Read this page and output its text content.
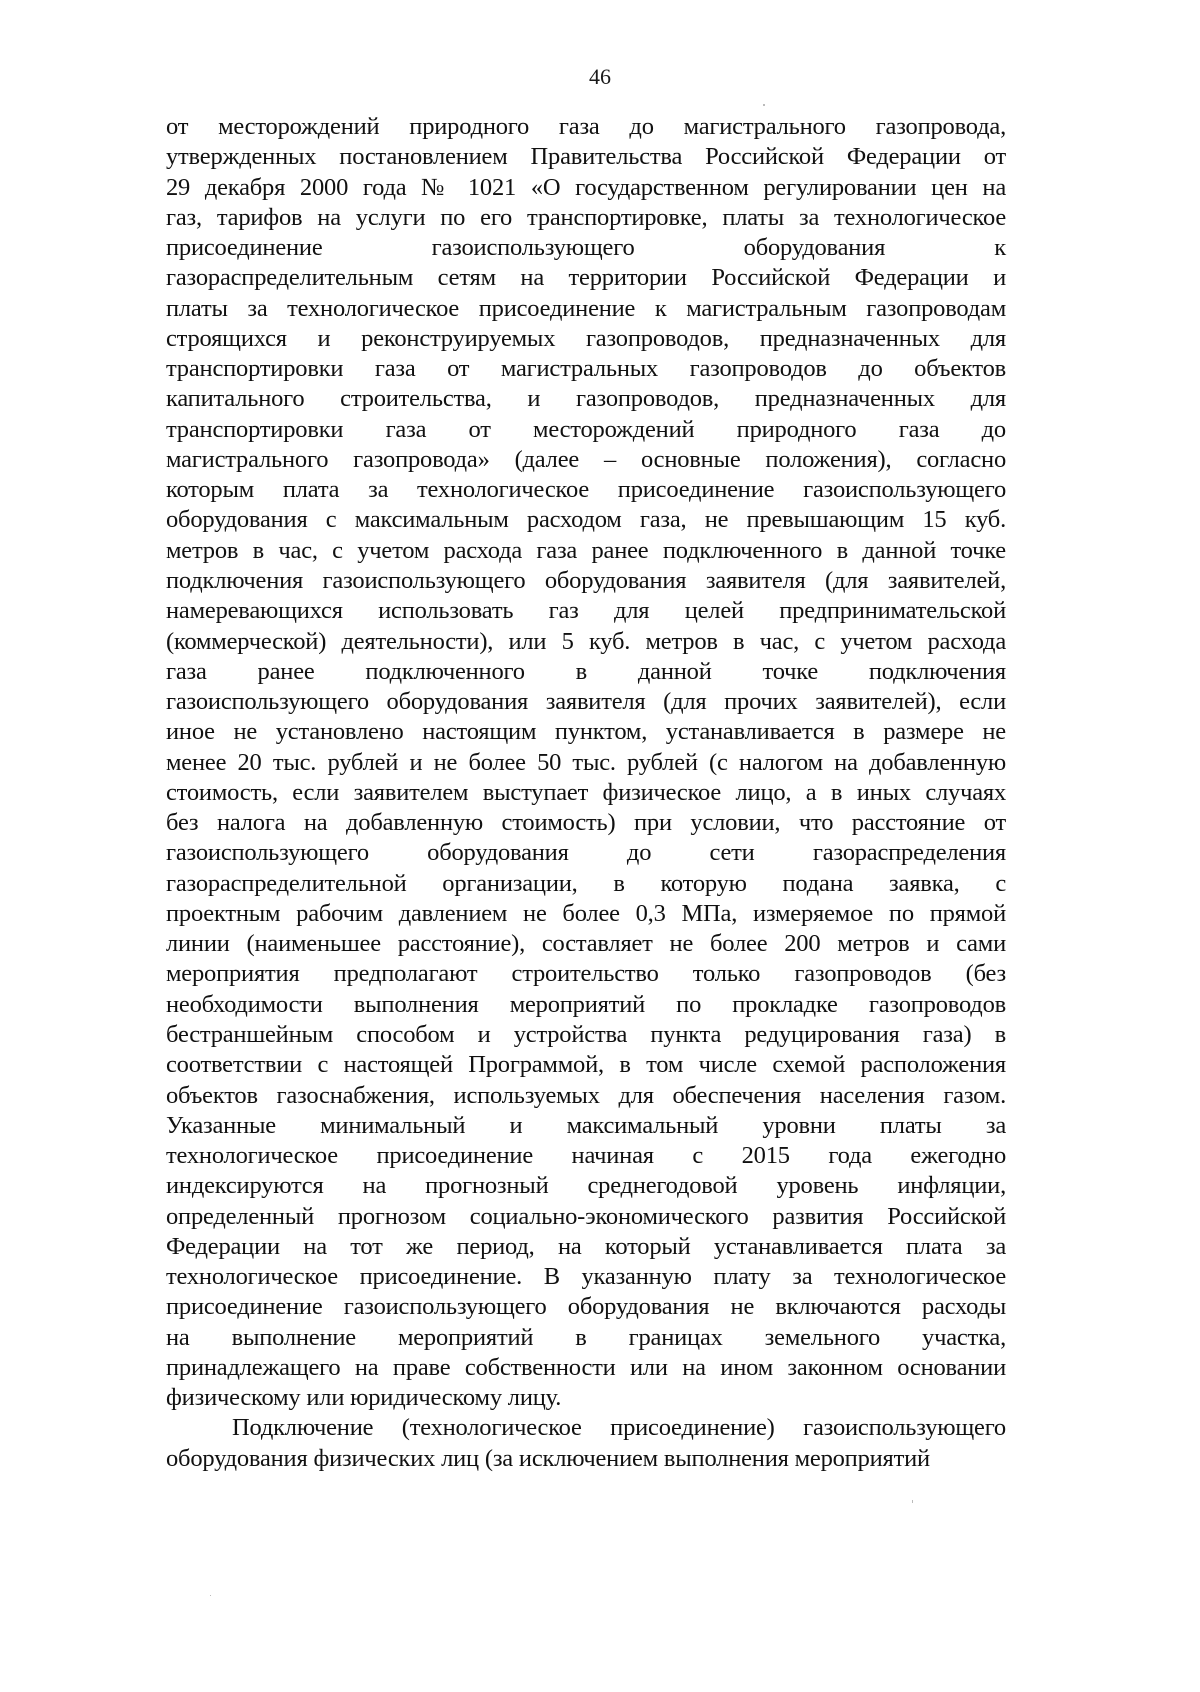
46
от месторождений природного газа до магистрального газопровода,
утвержденных постановлением Правительства Российской Федерации от
29 декабря 2000 года № 1021 «О государственном регулировании цен на
газ, тарифов на услуги по его транспортировке, платы за технологическое
присоединение газоиспользующего оборудования к
газораспределительным сетям на территории Российской Федерации и
платы за технологическое присоединение к магистральным газопроводам
строящихся и реконструируемых газопроводов, предназначенных для
транспортировки газа от магистральных газопроводов до объектов
капитального строительства, и газопроводов, предназначенных для
транспортировки газа от месторождений природного газа до
магистрального газопровода» (далее – основные положения), согласно
которым плата за технологическое присоединение газоиспользующего
оборудования с максимальным расходом газа, не превышающим 15 куб.
метров в час, с учетом расхода газа ранее подключенного в данной точке
подключения газоиспользующего оборудования заявителя (для заявителей,
намеревающихся использовать газ для целей предпринимательской
(коммерческой) деятельности), или 5 куб. метров в час, с учетом расхода
газа ранее подключенного в данной точке подключения
газоиспользующего оборудования заявителя (для прочих заявителей), если
иное не установлено настоящим пунктом, устанавливается в размере не
менее 20 тыс. рублей и не более 50 тыс. рублей (с налогом на добавленную
стоимость, если заявителем выступает физическое лицо, а в иных случаях
без налога на добавленную стоимость) при условии, что расстояние от
газоиспользующего оборудования до сети газораспределения
газораспределительной организации, в которую подана заявка, с
проектным рабочим давлением не более 0,3 МПа, измеряемое по прямой
линии (наименьшее расстояние), составляет не более 200 метров и сами
мероприятия предполагают строительство только газопроводов (без
необходимости выполнения мероприятий по прокладке газопроводов
бестраншейным способом и устройства пункта редуцирования газа) в
соответствии с настоящей Программой, в том числе схемой расположения
объектов газоснабжения, используемых для обеспечения населения газом.
Указанные минимальный и максимальный уровни платы за
технологическое присоединение начиная с 2015 года ежегодно
индексируются на прогнозный среднегодовой уровень инфляции,
определенный прогнозом социально-экономического развития Российской
Федерации на тот же период, на который устанавливается плата за
технологическое присоединение. В указанную плату за технологическое
присоединение газоиспользующего оборудования не включаются расходы
на выполнение мероприятий в границах земельного участка,
принадлежащего на праве собственности или на ином законном основании
физическому или юридическому лицу.
Подключение (технологическое присоединение) газоиспользующего
оборудования физических лиц (за исключением выполнения мероприятий
